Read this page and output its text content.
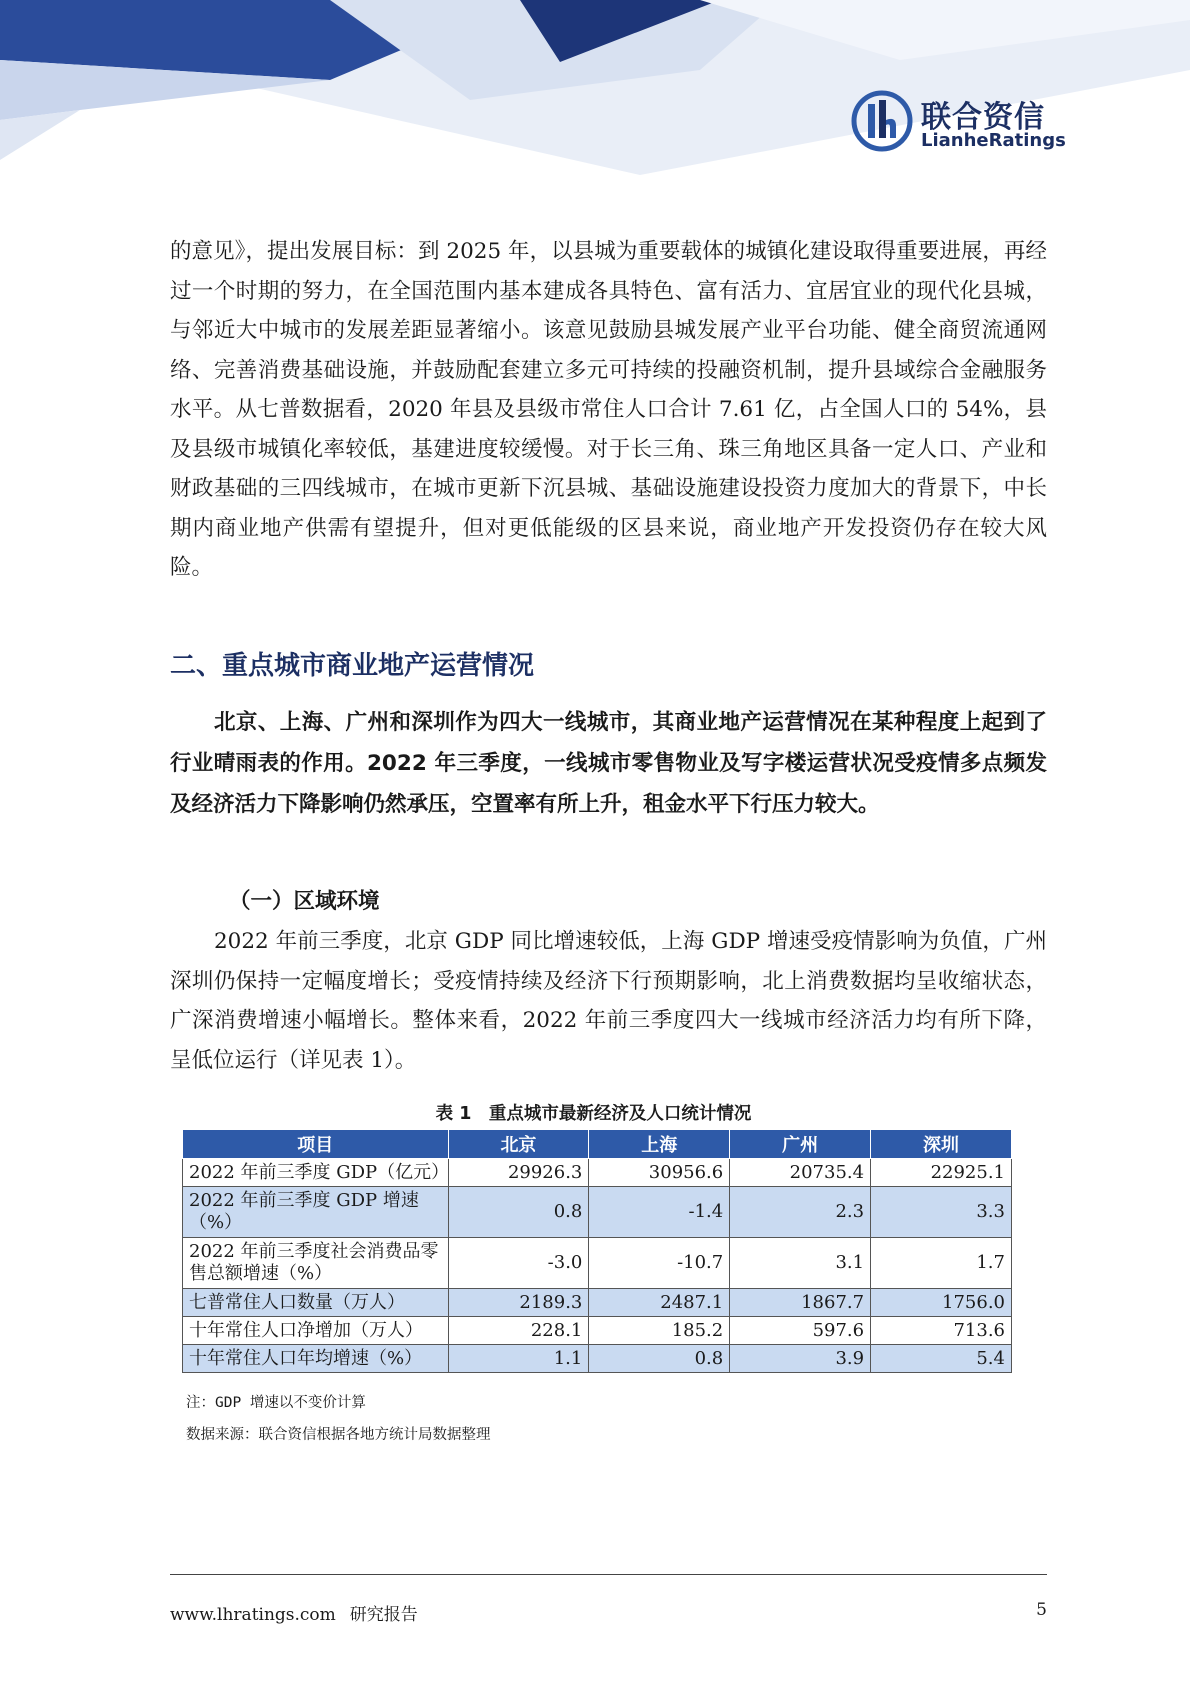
联合资信
LianheRatings

的意见》，提出发展目标：到 2025 年，以县城为重要载体的城镇化建设取得重要进展，再经过一个时期的努力，在全国范围内基本建成各具特色、富有活力、宜居宜业的现代化县城，与邻近大中城市的发展差距显著缩小。该意见鼓励县城发展产业平台功能、健全商贸流通网络、完善消费基础设施，并鼓励配套建立多元可持续的投融资机制，提升县域综合金融服务水平。从七普数据看，2020 年县及县级市常住人口合计 7.61 亿，占全国人口的 54%，县及县级市城镇化率较低，基建进度较缓慢。对于长三角、珠三角地区具备一定人口、产业和财政基础的三四线城市，在城市更新下沉县城、基础设施建设投资力度加大的背景下，中长期内商业地产供需有望提升，但对更低能级的区县来说，商业地产开发投资仍存在较大风险。

二、重点城市商业地产运营情况

北京、上海、广州和深圳作为四大一线城市，其商业地产运营情况在某种程度上起到了行业晴雨表的作用。2022 年三季度，一线城市零售物业及写字楼运营状况受疫情多点频发及经济活力下降影响仍然承压，空置率有所上升，租金水平下行压力较大。

（一）区域环境

2022 年前三季度，北京 GDP 同比增速较低，上海 GDP 增速受疫情影响为负值，广州深圳仍保持一定幅度增长；受疫情持续及经济下行预期影响，北上消费数据均呈收缩状态，广深消费增速小幅增长。整体来看，2022 年前三季度四大一线城市经济活力均有所下降，呈低位运行（详见表 1）。

表 1　重点城市最新经济及人口统计情况
项目	北京	上海	广州	深圳
2022 年前三季度 GDP（亿元）	29926.3	30956.6	20735.4	22925.1
2022 年前三季度 GDP 增速（%）	0.8	-1.4	2.3	3.3
2022 年前三季度社会消费品零售总额增速（%）	-3.0	-10.7	3.1	1.7
七普常住人口数量（万人）	2189.3	2487.1	1867.7	1756.0
十年常住人口净增加（万人）	228.1	185.2	597.6	713.6
十年常住人口年均增速（%）	1.1	0.8	3.9	5.4

注：GDP 增速以不变价计算

数据来源：联合资信根据各地方统计局数据整理

www.lhratings.com 研究报告	5
